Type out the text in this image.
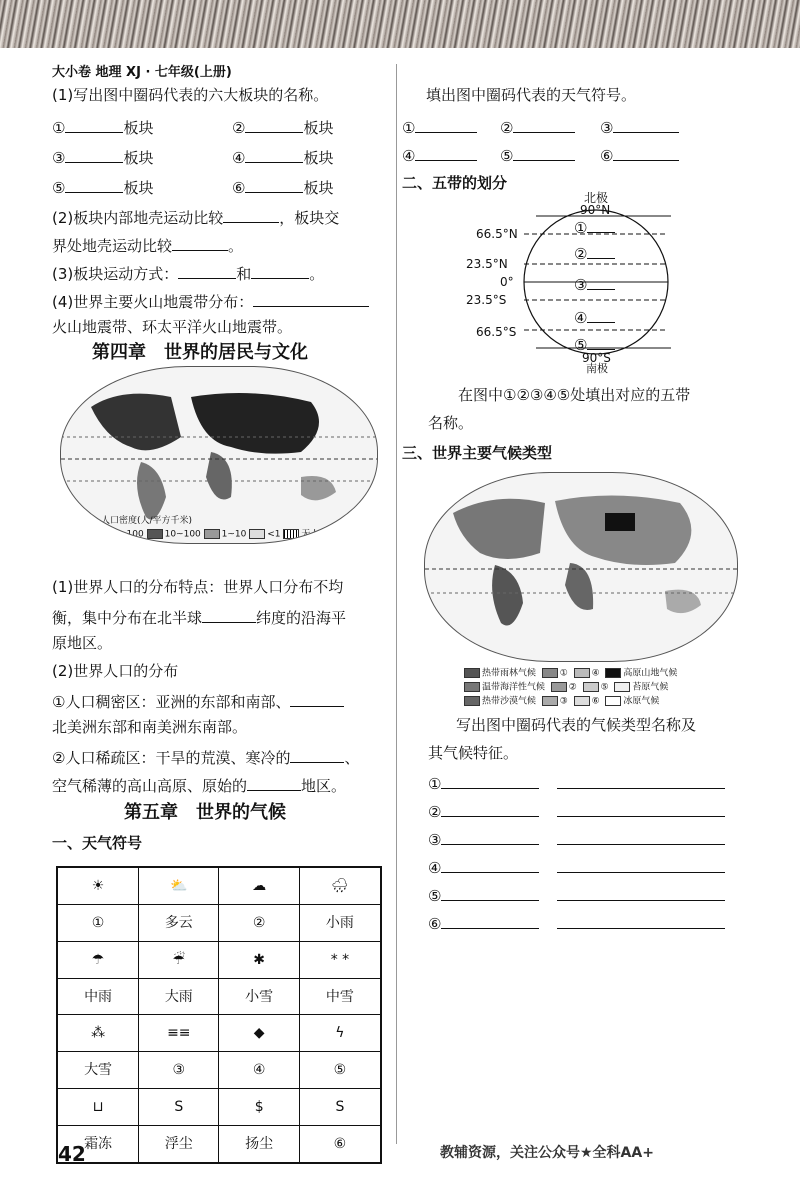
大小卷 地理 XJ · 七年级(上册)
(1)写出图中圈码代表的六大板块的名称。
①	板块	②	板块
③	板块	④	板块
⑤	板块	⑥	板块
(2)板块内部地壳运动比较	，板块交
界处地壳运动比较	。
(3)板块运动方式：	和	。
(4)世界主要火山地震带分布：
火山地震带、环太平洋火山地震带。
第四章　世界的居民与文化
人口密度(人/平方千米)
>100 10~100 1~10 <1 无人定居区
(1)世界人口的分布特点：世界人口分布不均
衡，集中分布在北半球	纬度的沿海平
原地区。
(2)世界人口的分布
①人口稠密区：亚洲的东部和南部、
北美洲东部和南美洲东南部。
②人口稀疏区：干旱的荒漠、寒冷的	、
空气稀薄的高山高原、原始的	地区。
第五章　世界的气候
一、天气符号
☀	⛅	☁	🌧
①	多云	②	小雨
☂	☔	✱	* *
中雨	大雨	小雪	中雪
⁂	≡≡	◆	ϟ
大雪	③	④	⑤
⊔	S	$	S
霜冻	浮尘	扬尘	⑥
填出图中圈码代表的天气符号。
①	②	③
④	⑤	⑥
二、五带的划分
北极
90°N
66.5°N
23.5°N
0°
23.5°S
66.5°S
90°S
南极
①
②
③
④
⑤
在图中①②③④⑤处填出对应的五带
名称。
三、世界主要气候类型
热带雨林气候	①	④	高原山地气候
温带海洋性气候	②	⑤	苔原气候
热带沙漠气候	③	⑥	冰原气候
写出图中圈码代表的气候类型名称及
其气候特征。
①
②
③
④
⑤
⑥
42	教辅资源，关注公众号★全科AA+
